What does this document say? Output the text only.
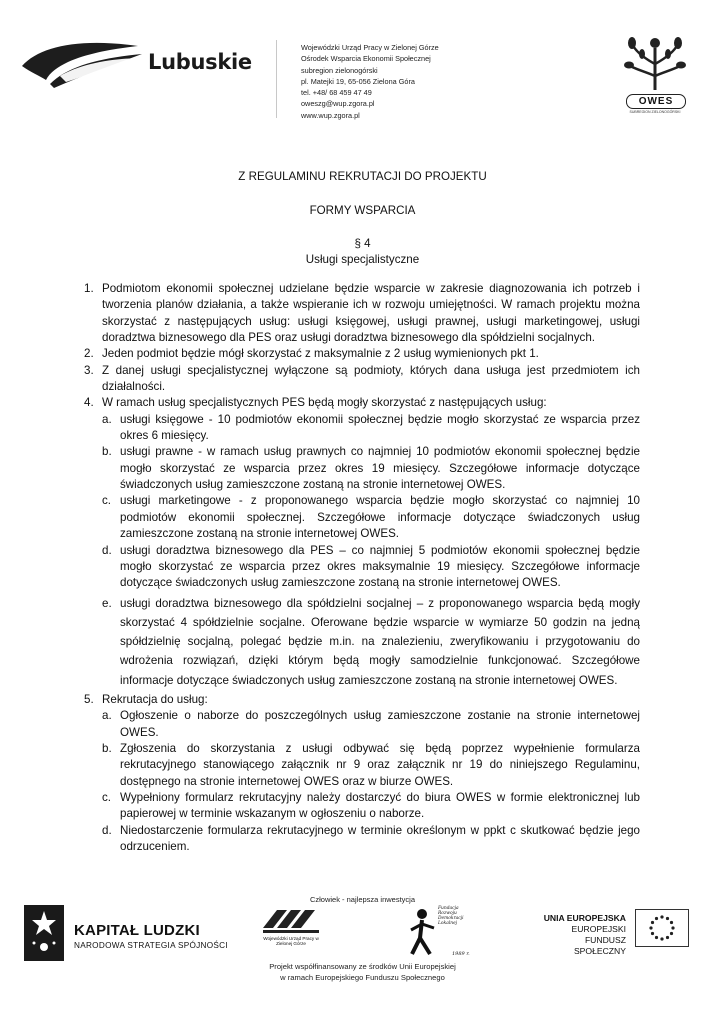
Lubuskie
Wojewódzki Urząd Pracy w Zielonej Górze
Ośrodek Wsparcia Ekonomii Społecznej
subregion zielonogórski
pl. Matejki 19, 65-056 Zielona Góra
tel. +48/ 68 459 47 49
oweszg@wup.zgora.pl
www.wup.zgora.pl
OWES
SUBREGION ZIELONOGÓRSKI
Z REGULAMINU REKRUTACJI DO PROJEKTU
FORMY WSPARCIA
§ 4
Usługi specjalistyczne
1. Podmiotom ekonomii społecznej udzielane będzie wsparcie w zakresie diagnozowania ich potrzeb i tworzenia planów działania, a także wspieranie ich w rozwoju umiejętności. W ramach projektu można skorzystać z następujących usług: usługi księgowej, usługi prawnej, usługi marketingowej, usługi doradztwa biznesowego dla PES oraz usługi doradztwa biznesowego dla spółdzielni socjalnych.
2. Jeden podmiot będzie mógł skorzystać z maksymalnie z 2 usług wymienionych pkt 1.
3. Z danej usługi specjalistycznej wyłączone są podmioty, których dana usługa jest przedmiotem ich działalności.
4. W ramach usług specjalistycznych PES będą mogły skorzystać z następujących usług:
a. usługi księgowe - 10 podmiotów ekonomii społecznej będzie mogło skorzystać ze wsparcia przez okres 6 miesięcy.
b. usługi prawne - w ramach usług prawnych co najmniej 10 podmiotów ekonomii społecznej będzie mogło skorzystać ze wsparcia przez okres 19 miesięcy. Szczegółowe informacje dotyczące świadczonych usług zamieszczone zostaną na stronie internetowej OWES.
c. usługi marketingowe - z proponowanego wsparcia będzie mogło skorzystać co najmniej 10 podmiotów ekonomii społecznej. Szczegółowe informacje dotyczące świadczonych usług zamieszczone zostaną na stronie internetowej OWES.
d. usługi doradztwa biznesowego dla PES – co najmniej 5 podmiotów ekonomii społecznej będzie mogło skorzystać ze wsparcia przez okres maksymalnie 19 miesięcy. Szczegółowe informacje dotyczące świadczonych usług zamieszczone zostaną na stronie internetowej OWES.
e. usługi doradztwa biznesowego dla spółdzielni socjalnej – z proponowanego wsparcia będą mogły skorzystać 4 spółdzielnie socjalne. Oferowane będzie wsparcie w wymiarze 50 godzin na jedną spółdzielnię socjalną, polegać będzie m.in. na znalezieniu, zweryfikowaniu i przygotowaniu do wdrożenia rozwiązań, dzięki którym będą mogły samodzielnie funkcjonować. Szczegółowe informacje dotyczące świadczonych usług zamieszczone zostaną na stronie internetowej OWES.
5. Rekrutacja do usług:
a. Ogłoszenie o naborze do poszczególnych usług zamieszczone zostanie na stronie internetowej OWES.
b. Zgłoszenia do skorzystania z usługi odbywać się będą poprzez wypełnienie formularza rekrutacyjnego stanowiącego załącznik nr 9 oraz załącznik nr 19 do niniejszego Regulaminu, dostępnego na stronie internetowej OWES oraz w biurze OWES.
c. Wypełniony formularz rekrutacyjny należy dostarczyć do biura OWES w formie elektronicznej lub papierowej w terminie wskazanym w ogłoszeniu o naborze.
d. Niedostarczenie formularza rekrutacyjnego w terminie określonym w ppkt c skutkować będzie jego odrzuceniem.
Człowiek - najlepsza inwestycja
KAPITAŁ LUDZKI
NARODOWA STRATEGIA SPÓJNOŚCI
Wojewódzki Urząd Pracy w Zielonej Górze
Fundacja Rozwoju Demokracji Lokalnej
1989 r.
UNIA EUROPEJSKA
EUROPEJSKI
FUNDUSZ SPOŁECZNY
Projekt współfinansowany ze środków Unii Europejskiej
w ramach Europejskiego Funduszu Społecznego
